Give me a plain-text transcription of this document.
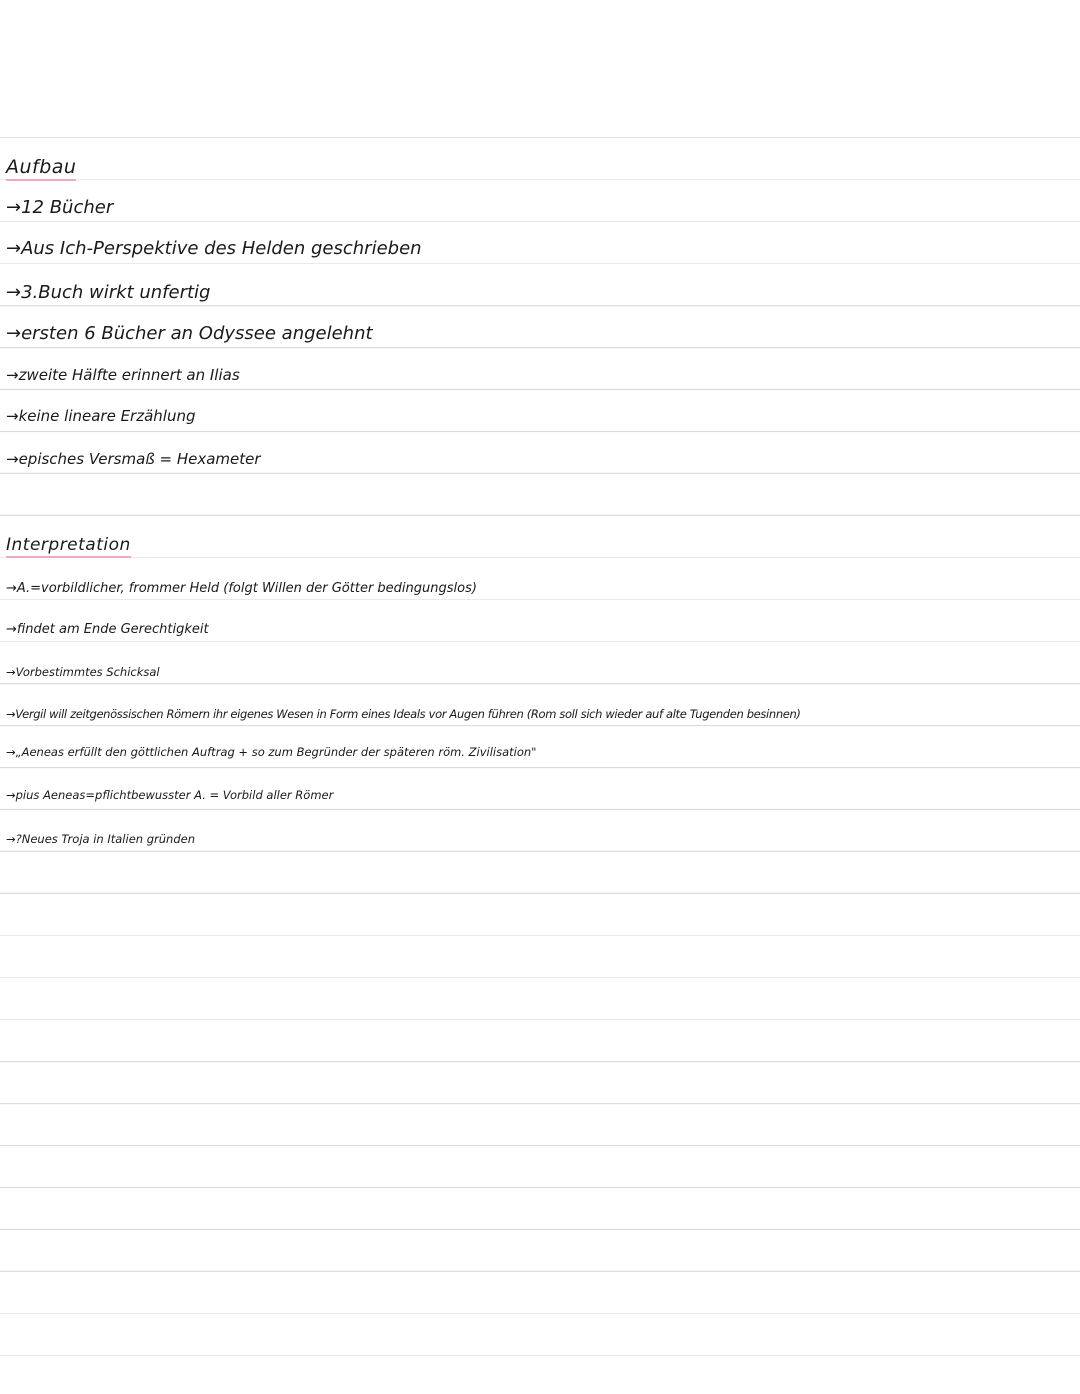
Aufbau
→12 Bücher
→Aus Ich-Perspektive des Helden geschrieben
→3.Buch wirkt unfertig
→ersten 6 Bücher an Odyssee angelehnt
→zweite Hälfte erinnert an Ilias
→keine lineare Erzählung
→episches Versmaß = Hexameter
Interpretation
→A.=vorbildlicher, frommer Held (folgt Willen der Götter bedingungslos)
→findet am Ende Gerechtigkeit
→Vorbestimmtes Schicksal
→Vergil will zeitgenössischen Römern ihr eigenes Wesen in Form eines Ideals vor Augen führen (Rom soll sich wieder auf alte Tugenden besinnen)
→„Aeneas erfüllt den göttlichen Auftrag + so zum Begründer der späteren röm. Zivilisation"
→pius Aeneas=pflichtbewusster A. = Vorbild aller Römer
→?Neues Troja in Italien gründen
